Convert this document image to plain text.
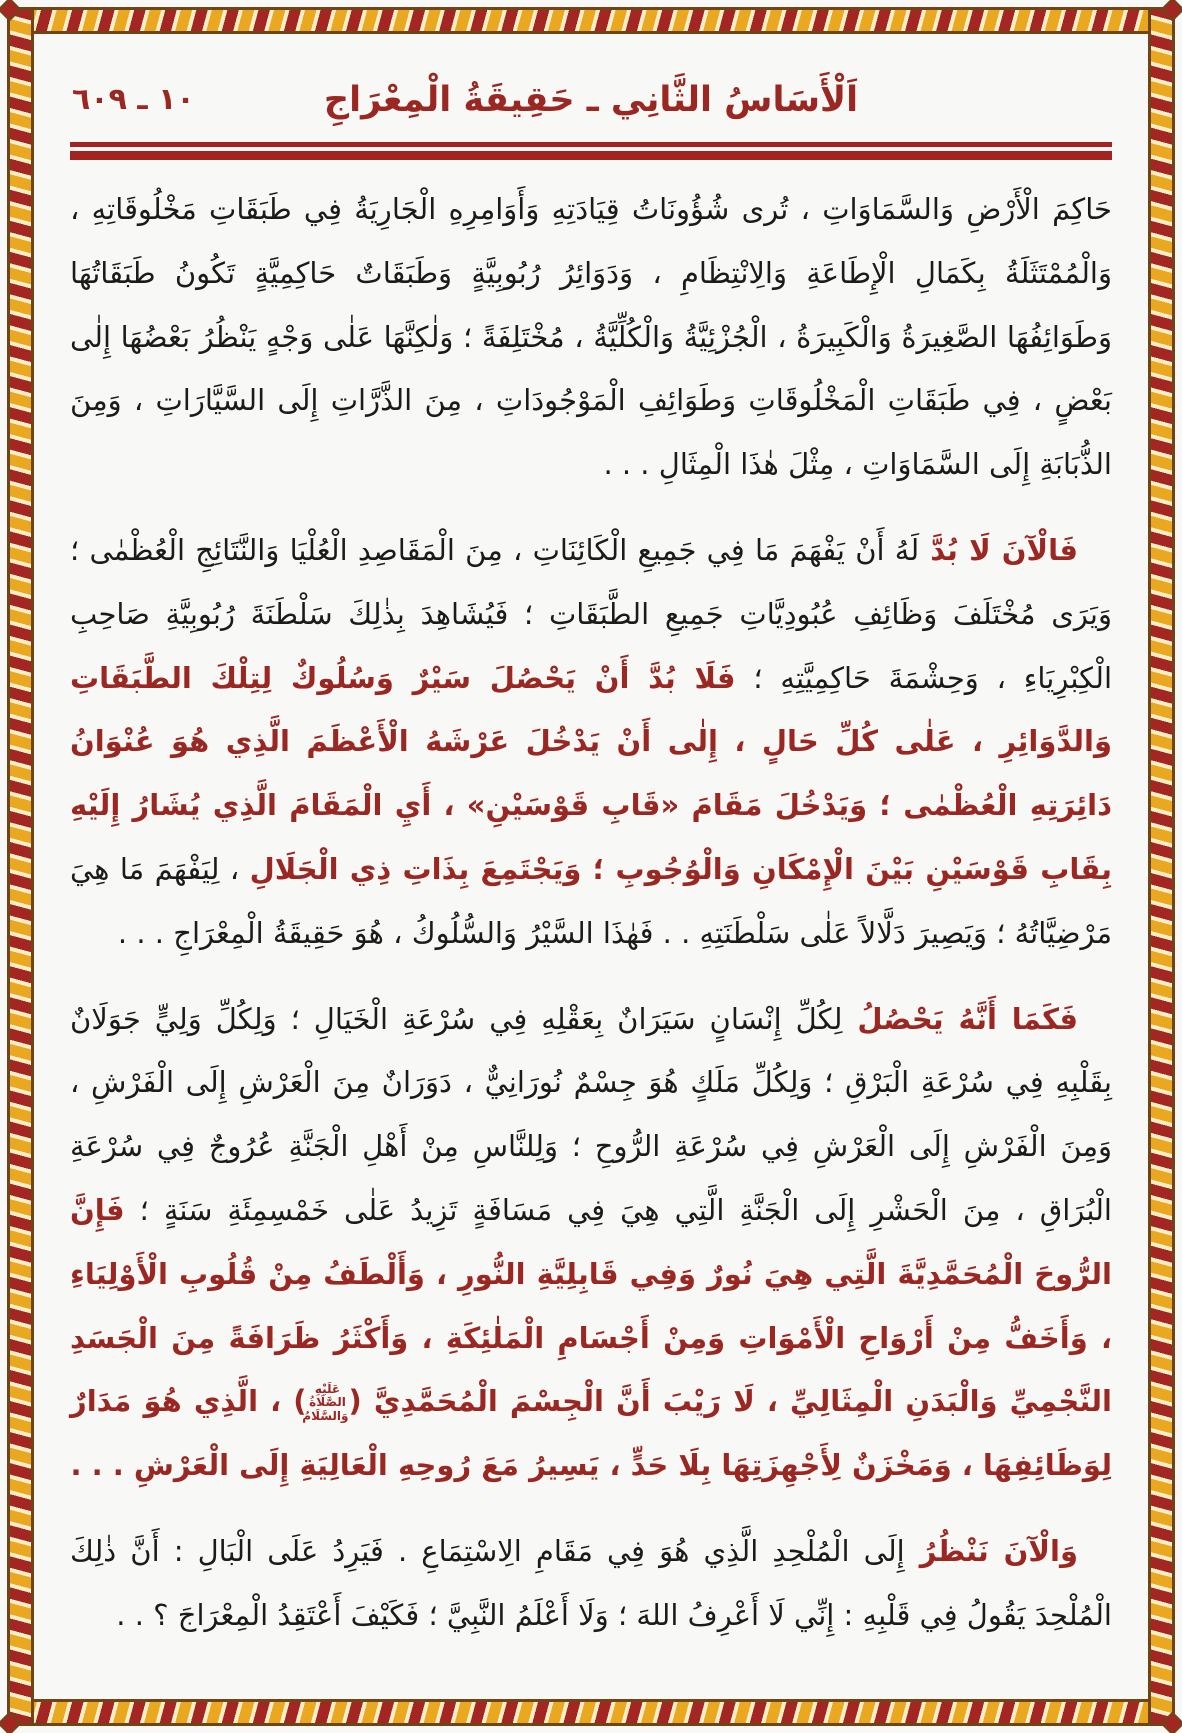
١٠ ـ ٦٠٩	اَلْأَسَاسُ الثَّانِي ـ حَقِيقَةُ الْمِعْرَاجِ
حَاكِمَ الْأَرْضِ وَالسَّمَاوَاتِ ، تُرى شُؤُونَاتُ قِيَادَتِهِ وَأَوَامِرِهِ الْجَارِيَةُ فِي طَبَقَاتِ مَخْلُوقَاتِهِ ، وَالْمُمْتَثَلَةُ بِكَمَالِ الْإِطَاعَةِ وَالِانْتِظَامِ ، وَدَوَائِرُ رُبُوبِيَّةٍ وَطَبَقَاتٌ حَاكِمِيَّةٍ تَكُونُ طَبَقَاتُهَا وَطَوَائِفُهَا الصَّغِيرَةُ وَالْكَبِيرَةُ ، الْجُزْئِيَّةُ وَالْكُلِّيَّةُ ، مُخْتَلِفَةً ؛ وَلٰكِنَّهَا عَلٰى وَجْهٍ يَنْظُرُ بَعْضُهَا إِلٰى بَعْضٍ ، فِي طَبَقَاتِ الْمَخْلُوقَاتِ وَطَوَائِفِ الْمَوْجُودَاتِ ، مِنَ الذَّرَّاتِ إِلَى السَّيَّارَاتِ ، وَمِنَ الذُّبَابَةِ إِلَى السَّمَاوَاتِ ، مِثْلَ هٰذَا الْمِثَالِ . . .
فَالْآنَ لَا بُدَّ لَهُ أَنْ يَفْهَمَ مَا فِي جَمِيعِ الْكَائِنَاتِ ، مِنَ الْمَقَاصِدِ الْعُلْيَا وَالنَّتَائِجِ الْعُظْمٰى ؛ وَيَرَى مُخْتَلَفَ وَظَائِفِ عُبُودِيَّاتِ جَمِيعِ الطَّبَقَاتِ ؛ فَيُشَاهِدَ بِذٰلِكَ سَلْطَنَةَ رُبُوبِيَّةِ صَاحِبِ الْكِبْرِيَاءِ ، وَحِشْمَةَ حَاكِمِيَّتِهِ ؛ فَلَا بُدَّ أَنْ يَحْصُلَ سَيْرٌ وَسُلُوكٌ لِتِلْكَ الطَّبَقَاتِ وَالدَّوَائِرِ ، عَلٰى كُلِّ حَالٍ ، إِلٰى أَنْ يَدْخُلَ عَرْشَهُ الْأَعْظَمَ الَّذِي هُوَ عُنْوَانُ دَائِرَتِهِ الْعُظْمٰى ؛ وَيَدْخُلَ مَقَامَ «قَابِ قَوْسَيْنِ» ، أَيِ الْمَقَامَ الَّذِي يُشَارُ إِلَيْهِ بِقَابِ قَوْسَيْنِ بَيْنَ الْإِمْكَانِ وَالْوُجُوبِ ؛ وَيَجْتَمِعَ بِذَاتِ ذِي الْجَلَالِ ، لِيَفْهَمَ مَا هِيَ مَرْضِيَّاتُهُ ؛ وَيَصِيرَ دَلَّالاً عَلٰى سَلْطَنَتِهِ . . فَهٰذَا السَّيْرُ وَالسُّلُوكُ ، هُوَ حَقِيقَةُ الْمِعْرَاجِ . . .
فَكَمَا أَنَّهُ يَحْصُلُ لِكُلِّ إِنْسَانٍ سَيَرَانٌ بِعَقْلِهِ فِي سُرْعَةِ الْخَيَالِ ؛ وَلِكُلِّ وَلِيٍّ جَوَلَانٌ بِقَلْبِهِ فِي سُرْعَةِ الْبَرْقِ ؛ وَلِكُلِّ مَلَكٍ هُوَ جِسْمٌ نُورَانِيٌّ ، دَوَرَانٌ مِنَ الْعَرْشِ إِلَى الْفَرْشِ ، وَمِنَ الْفَرْشِ إِلَى الْعَرْشِ فِي سُرْعَةِ الرُّوحِ ؛ وَلِلنَّاسِ مِنْ أَهْلِ الْجَنَّةِ عُرُوجٌ فِي سُرْعَةِ الْبُرَاقِ ، مِنَ الْحَشْرِ إِلَى الْجَنَّةِ الَّتِي هِيَ فِي مَسَافَةٍ تَزِيدُ عَلٰى خَمْسِمِئَةِ سَنَةٍ ؛ فَإِنَّ الرُّوحَ الْمُحَمَّدِيَّةَ الَّتِي هِيَ نُورٌ وَفِي قَابِلِيَّةِ النُّورِ ، وَأَلْطَفُ مِنْ قُلُوبِ الْأَوْلِيَاءِ ، وَأَخَفُّ مِنْ أَرْوَاحِ الْأَمْوَاتِ وَمِنْ أَجْسَامِ الْمَلٰئِكَةِ ، وَأَكْثَرُ ظَرَافَةً مِنَ الْجَسَدِ النَّجْمِيِّ وَالْبَدَنِ الْمِثَالِيِّ ، لَا رَيْبَ أَنَّ الْجِسْمَ الْمُحَمَّدِيَّ (عَلَيْهِ الصَّلَاةُ وَالسَّلَامُ) ، الَّذِي هُوَ مَدَارٌ لِوَظَائِفِهَا ، وَمَخْزَنٌ لِأَجْهِزَتِهَا بِلَا حَدٍّ ، يَسِيرُ مَعَ رُوحِهِ الْعَالِيَةِ إِلَى الْعَرْشِ . . .
وَالْآنَ نَنْظُرُ إِلَى الْمُلْحِدِ الَّذِي هُوَ فِي مَقَامِ الِاسْتِمَاعِ . فَيَرِدُ عَلَى الْبَالِ : أَنَّ ذٰلِكَ الْمُلْحِدَ يَقُولُ فِي قَلْبِهِ : إِنِّي لَا أَعْرِفُ اللهَ ؛ وَلَا أَعْلَمُ النَّبِيَّ ؛ فَكَيْفَ أَعْتَقِدُ الْمِعْرَاجَ ؟ . .
